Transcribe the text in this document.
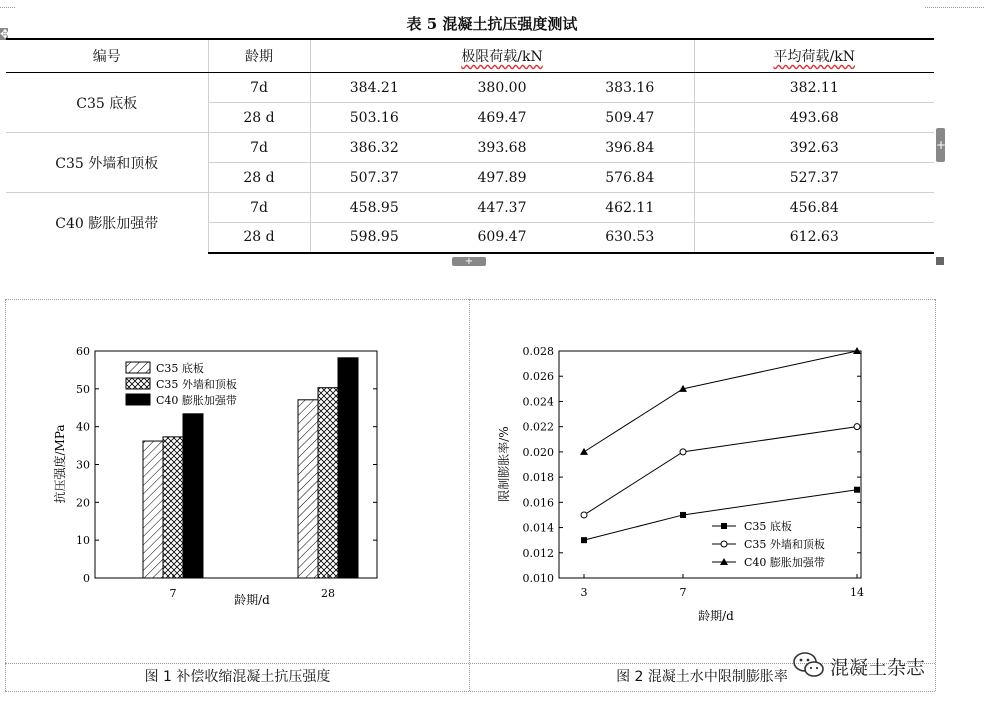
✥
表 5 混凝土抗压强度测试
编号	龄期	极限荷载/kN			平均荷载/kN
C35 底板	7d	384.21	380.00	383.16	382.11
	28 d	503.16	469.47	509.47	493.68
C35 外墙和顶板	7d	386.32	393.68	396.84	392.63
	28 d	507.37	497.89	576.84	527.37
C40 膨胀加强带	7d	458.95	447.37	462.11	456.84
	28 d	598.95	609.47	630.53	612.63
+
+
0
10
20
30
40
50
60
7	28
龄期/d
抗压强度/MPa
C35 底板
C35 外墙和顶板
C40 膨胀加强带
0.010
0.012
0.014
0.016
0.018
0.020
0.022
0.024
0.026
0.028
3	7	14
龄期/d
限制膨胀率/%
C35 底板
C35 外墙和顶板
C40 膨胀加强带
图 1 补偿收缩混凝土抗压强度	图 2 混凝土水中限制膨胀率	混凝土杂志
